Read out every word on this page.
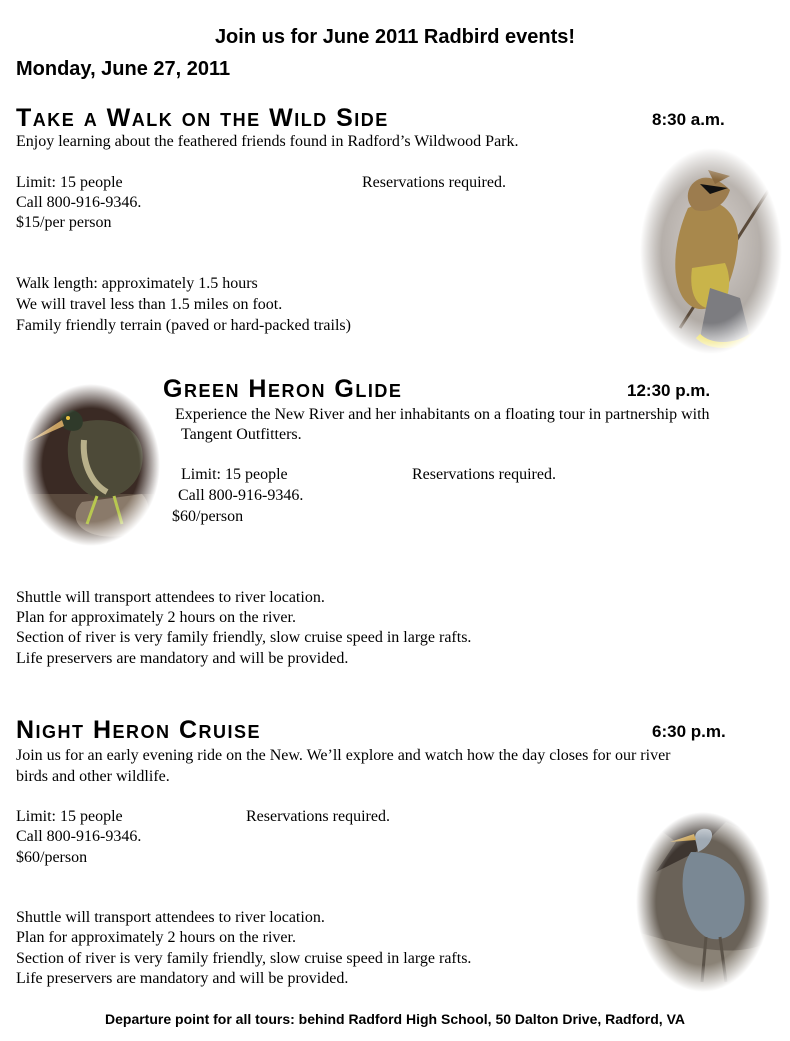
Join us for June 2011 Radbird events!
Monday, June 27, 2011
Take a Walk on the Wild Side	8:30 a.m.
Enjoy learning about the feathered friends found in Radford’s Wildwood Park.
Limit: 15 people	Reservations required.
Call 800-916-9346.
$15/per person
Walk length: approximately 1.5 hours
We will travel less than 1.5 miles on foot.
Family friendly terrain (paved or hard-packed trails)
Green Heron Glide	12:30 p.m.
Experience the New River and her inhabitants on a floating tour in partnership with
Tangent Outfitters.
Limit: 15 people	Reservations required.
Call 800-916-9346.
$60/person
Shuttle will transport attendees to river location.
Plan for approximately 2 hours on the river.
Section of river is very family friendly, slow cruise speed in large rafts.
Life preservers are mandatory and will be provided.
Night Heron Cruise	6:30 p.m.
Join us for an early evening ride on the New. We’ll explore and watch how the day closes for our river
birds and other wildlife.
Limit: 15 people	Reservations required.
Call 800-916-9346.
$60/person
Shuttle will transport attendees to river location.
Plan for approximately 2 hours on the river.
Section of river is very family friendly, slow cruise speed in large rafts.
Life preservers are mandatory and will be provided.
Departure point for all tours: behind Radford High School, 50 Dalton Drive, Radford, VA
